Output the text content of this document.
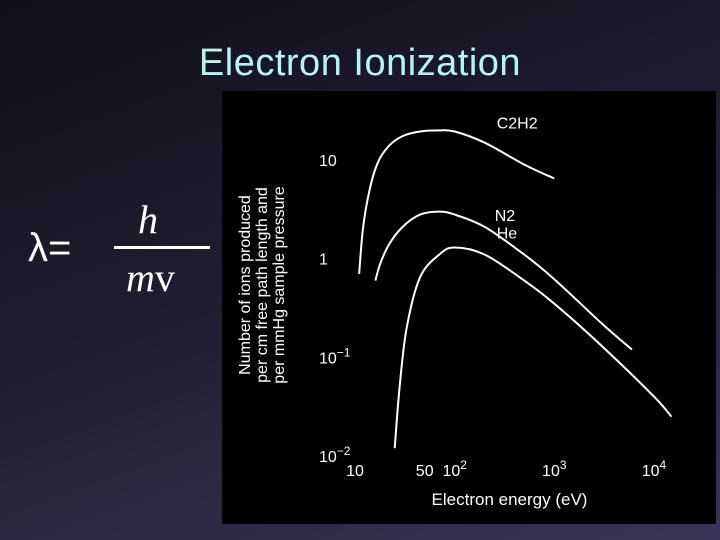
Electron Ionization
λ=
h
mv
C2H2
N2
He
10
1
$10^{-1}$
$10^{-2}$
10	50 $10^2$	$10^3$	$10^4$
Electron energy (eV)
Number of ions producedper cm free path length andper mmHg sample pressure
